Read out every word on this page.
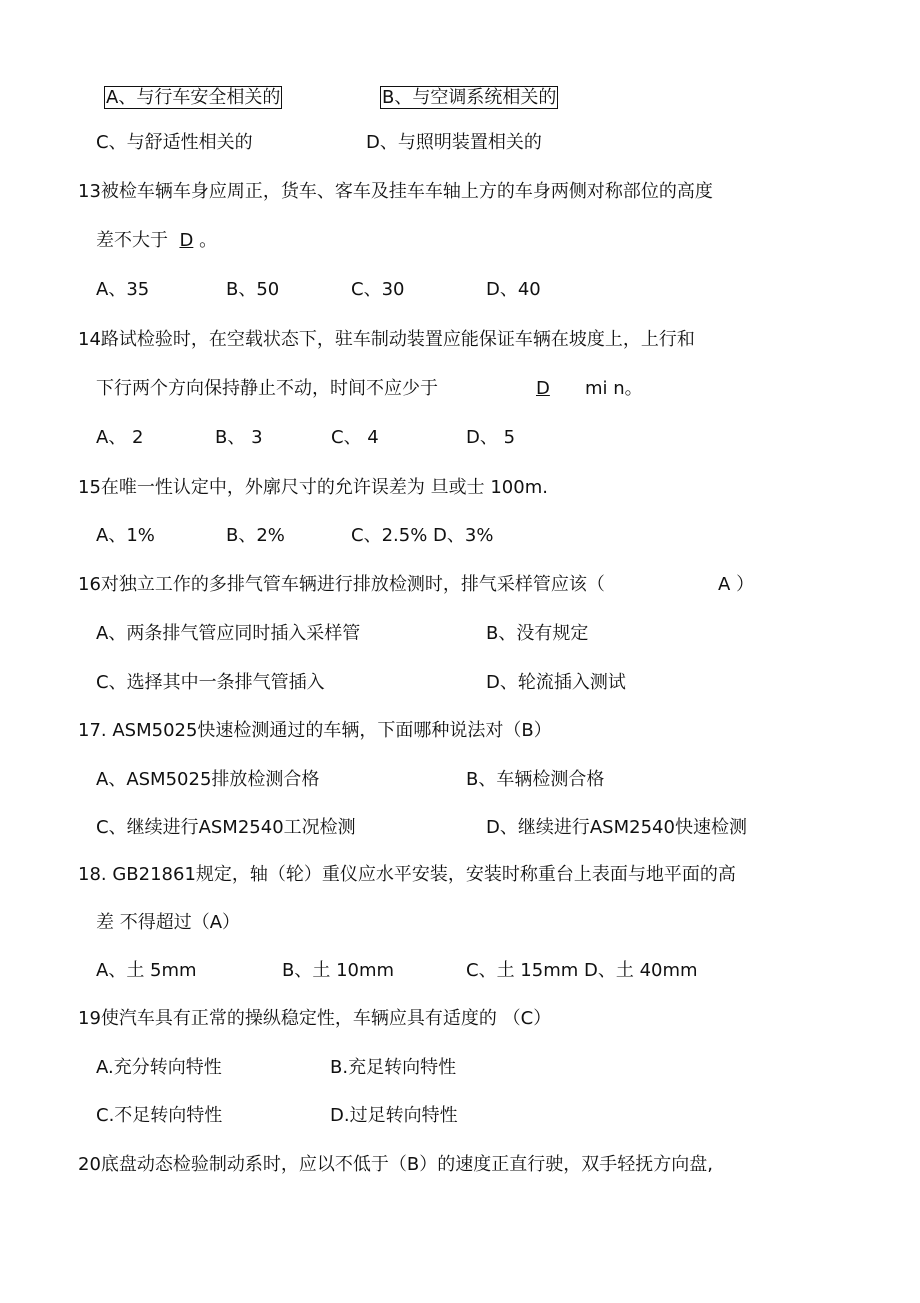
A、与行车安全相关的	B、与空调系统相关的
C、与舒适性相关的	D、与照明装置相关的
13被检车辆车身应周正，货车、客车及挂车车轴上方的车身两侧对称部位的高度
差不大于 D 。
A、35	B、50	C、30	D、40
14路试检验时，在空载状态下，驻车制动装置应能保证车辆在坡度上，上行和
下行两个方向保持静止不动，时间不应少于	D mi n。
A、 2	B、 3	C、 4	D、 5
15在唯一性认定中，外廓尺寸的允许误差为 旦或士 100m.
A、1%	B、2%	C、2.5% D、3%
16对独立工作的多排气管车辆进行排放检测时，排气采样管应该（	A ）
A、两条排气管应同时插入采样管	B、没有规定
C、选择其中一条排气管插入	D、轮流插入测试
17. ASM5025快速检测通过的车辆，下面哪种说法对（B）
A、ASM5025排放检测合格	B、车辆检测合格
C、继续进行ASM2540工况检测	D、继续进行ASM2540快速检测
18. GB21861规定，轴（轮）重仪应水平安装，安装时称重台上表面与地平面的高
差 不得超过（A）
A、土 5mm	B、土 10mm	C、土 15mm D、土 40mm
19使汽车具有正常的操纵稳定性，车辆应具有适度的 （C）
A.充分转向特性	B.充足转向特性
C.不足转向特性	D.过足转向特性
20底盘动态检验制动系时，应以不低于（B）的速度正直行驶，双手轻抚方向盘,
